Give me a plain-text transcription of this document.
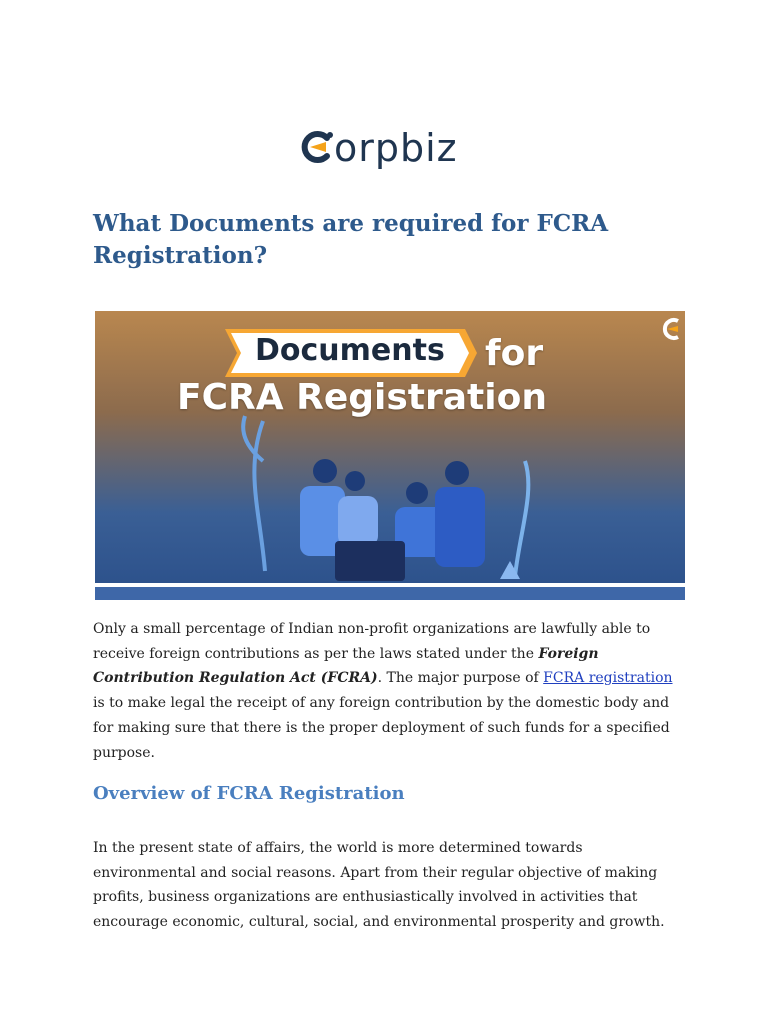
orpbiz
What Documents are required for FCRA Registration?
Documents for
FCRA Registration

Only a small percentage of Indian non-profit organizations are lawfully able to receive foreign contributions as per the laws stated under the Foreign Contribution Regulation Act (FCRA). The major purpose of FCRA registration is to make legal the receipt of any foreign contribution by the domestic body and for making sure that there is the proper deployment of such funds for a specified purpose.

Overview of FCRA Registration

In the present state of affairs, the world is more determined towards environmental and social reasons. Apart from their regular objective of making profits, business organizations are enthusiastically involved in activities that encourage economic, cultural, social, and environmental prosperity and growth.
